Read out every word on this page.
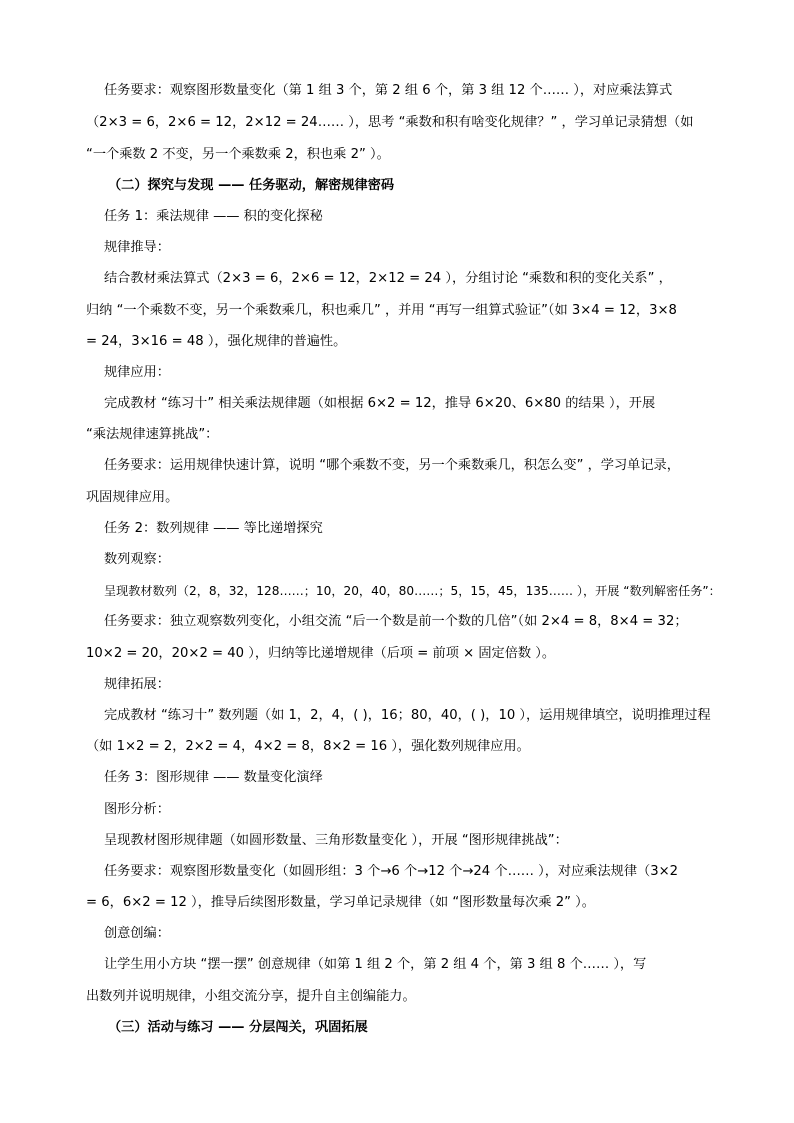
任务要求：观察图形数量变化（第 1 组 3 个，第 2 组 6 个，第 3 组 12 个…… ），对应乘法算式
（2×3 = 6，2×6 = 12，2×12 = 24…… ），思考 “乘数和积有啥变化规律？” ，学习单记录猜想（如
“一个乘数 2 不变，另一个乘数乘 2，积也乘 2” ）。
（二）探究与发现 —— 任务驱动，解密规律密码
任务 1：乘法规律 —— 积的变化探秘
规律推导：
结合教材乘法算式（2×3 = 6，2×6 = 12，2×12 = 24 ），分组讨论 “乘数和积的变化关系” ，
归纳 “一个乘数不变，另一个乘数乘几，积也乘几” ，并用 “再写一组算式验证”（如 3×4 = 12，3×8
= 24，3×16 = 48 ），强化规律的普遍性。
规律应用：
完成教材 “练习十” 相关乘法规律题（如根据 6×2 = 12，推导 6×20、6×80 的结果 ），开展
“乘法规律速算挑战”：
任务要求：运用规律快速计算，说明 “哪个乘数不变，另一个乘数乘几，积怎么变” ，学习单记录，
巩固规律应用。
任务 2：数列规律 —— 等比递增探究
数列观察：
呈现教材数列（2，8，32，128……；10，20，40，80……；5，15，45，135…… ），开展 “数列解密任务”：
任务要求：独立观察数列变化，小组交流 “后一个数是前一个数的几倍”（如 2×4 = 8，8×4 = 32；
10×2 = 20，20×2 = 40 ），归纳等比递增规律（后项 = 前项 × 固定倍数 ）。
规律拓展：
完成教材 “练习十” 数列题（如 1，2，4，( )，16；80，40，( )，10 ），运用规律填空，说明推理过程
（如 1×2 = 2，2×2 = 4，4×2 = 8，8×2 = 16 ），强化数列规律应用。
任务 3：图形规律 —— 数量变化演绎
图形分析：
呈现教材图形规律题（如圆形数量、三角形数量变化 ），开展 “图形规律挑战”：
任务要求：观察图形数量变化（如圆形组：3 个→6 个→12 个→24 个…… ），对应乘法规律（3×2
= 6，6×2 = 12 ），推导后续图形数量，学习单记录规律（如 “图形数量每次乘 2” ）。
创意创编：
让学生用小方块 “摆一摆” 创意规律（如第 1 组 2 个，第 2 组 4 个，第 3 组 8 个…… ），写
出数列并说明规律，小组交流分享，提升自主创编能力。
（三）活动与练习 —— 分层闯关，巩固拓展
